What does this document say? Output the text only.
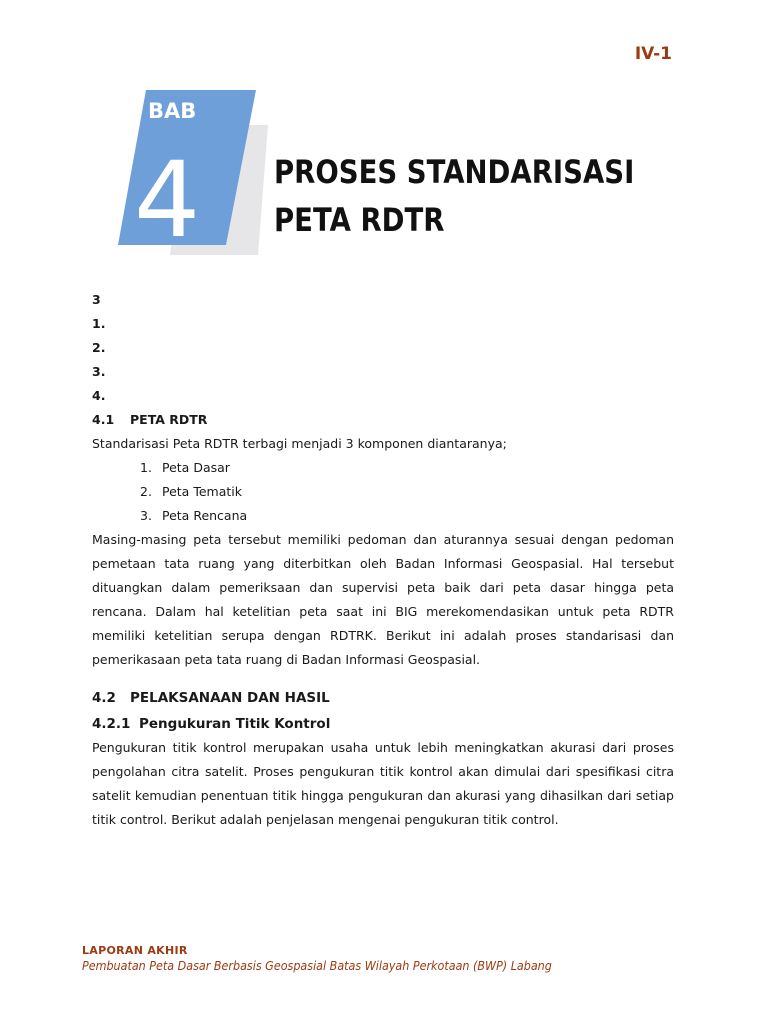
IV-1
BAB
4 PROSES STANDARISASI
PETA RDTR
3
1.
2.
3.
4.
4.1 PETA RDTR

Standarisasi Peta RDTR terbagi menjadi 3 komponen diantaranya;

1. Peta Dasar
2. Peta Tematik
3. Peta Rencana

Masing-masing peta tersebut memiliki pedoman dan aturannya sesuai dengan pedoman pemetaan tata ruang yang diterbitkan oleh Badan Informasi Geospasial. Hal tersebut dituangkan dalam pemeriksaan dan supervisi peta baik dari peta dasar hingga peta rencana. Dalam hal ketelitian peta saat ini BIG merekomendasikan untuk peta RDTR memiliki ketelitian serupa dengan RDTRK. Berikut ini adalah proses standarisasi dan pemerikasaan peta tata ruang di Badan Informasi Geospasial.

4.2 PELAKSANAAN DAN HASIL
4.2.1 Pengukuran Titik Kontrol

Pengukuran titik kontrol merupakan usaha untuk lebih meningkatkan akurasi dari proses pengolahan citra satelit. Proses pengukuran titik kontrol akan dimulai dari spesifikasi citra satelit kemudian penentuan titik hingga pengukuran dan akurasi yang dihasilkan dari setiap titik control. Berikut adalah penjelasan mengenai pengukuran titik control.

LAPORAN AKHIR
Pembuatan Peta Dasar Berbasis Geospasial Batas Wilayah Perkotaan (BWP) Labang
